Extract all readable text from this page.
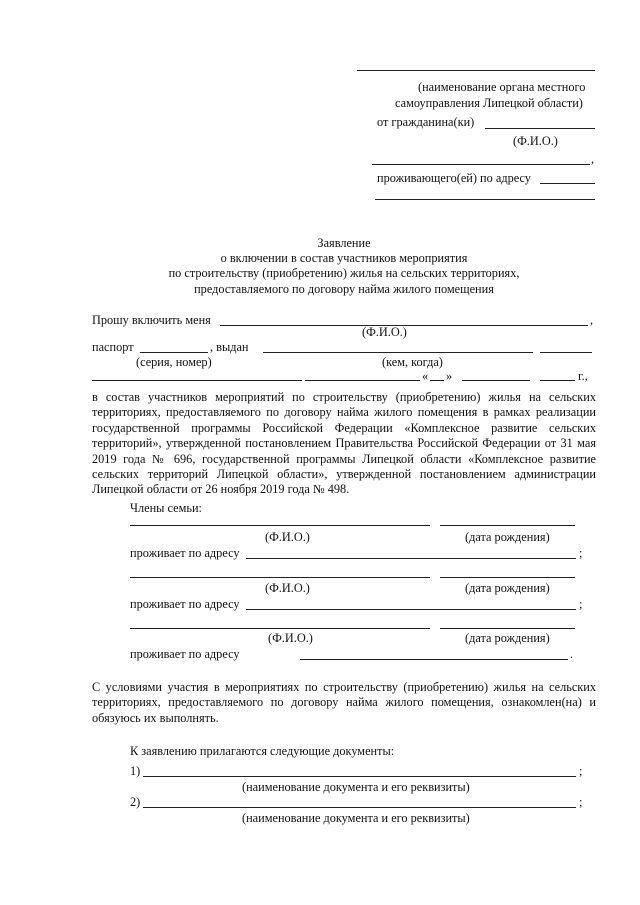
(наименование органа местного
самоуправления Липецкой области)
от гражданина(ки)
(Ф.И.О.)
,
проживающего(ей) по адресу
Заявление
о включении в состав участников мероприятия
по строительству (приобретению) жилья на сельских территориях,
предоставляемого по договору найма жилого помещения
Прошу включить меня	,
(Ф.И.О.)
паспорт	, выдан
(серия, номер)	(кем, когда)
« »	г.,
в состав участников мероприятий по строительству (приобретению) жилья на сельских территориях, предоставляемого по договору найма жилого помещения в рамках реализации государственной программы Российской Федерации «Комплексное развитие сельских территорий», утвержденной постановлением Правительства Российской Федерации от 31 мая 2019 года № 696, государственной программы Липецкой области «Комплексное развитие сельских территорий Липецкой области», утвержденной постановлением администрации Липецкой области от 26 ноября 2019 года № 498.
Члены семьи:
(Ф.И.О.)	(дата рождения)
проживает по адресу	;
(Ф.И.О.)	(дата рождения)
проживает по адресу	;
(Ф.И.О.)	(дата рождения)
проживает по адресу	.
С условиями участия в мероприятиях по строительству (приобретению) жилья на сельских территориях, предоставляемого по договору найма жилого помещения, ознакомлен(на) и обязуюсь их выполнять.
К заявлению прилагаются следующие документы:
1)	;
(наименование документа и его реквизиты)
2)	;
(наименование документа и его реквизиты)
